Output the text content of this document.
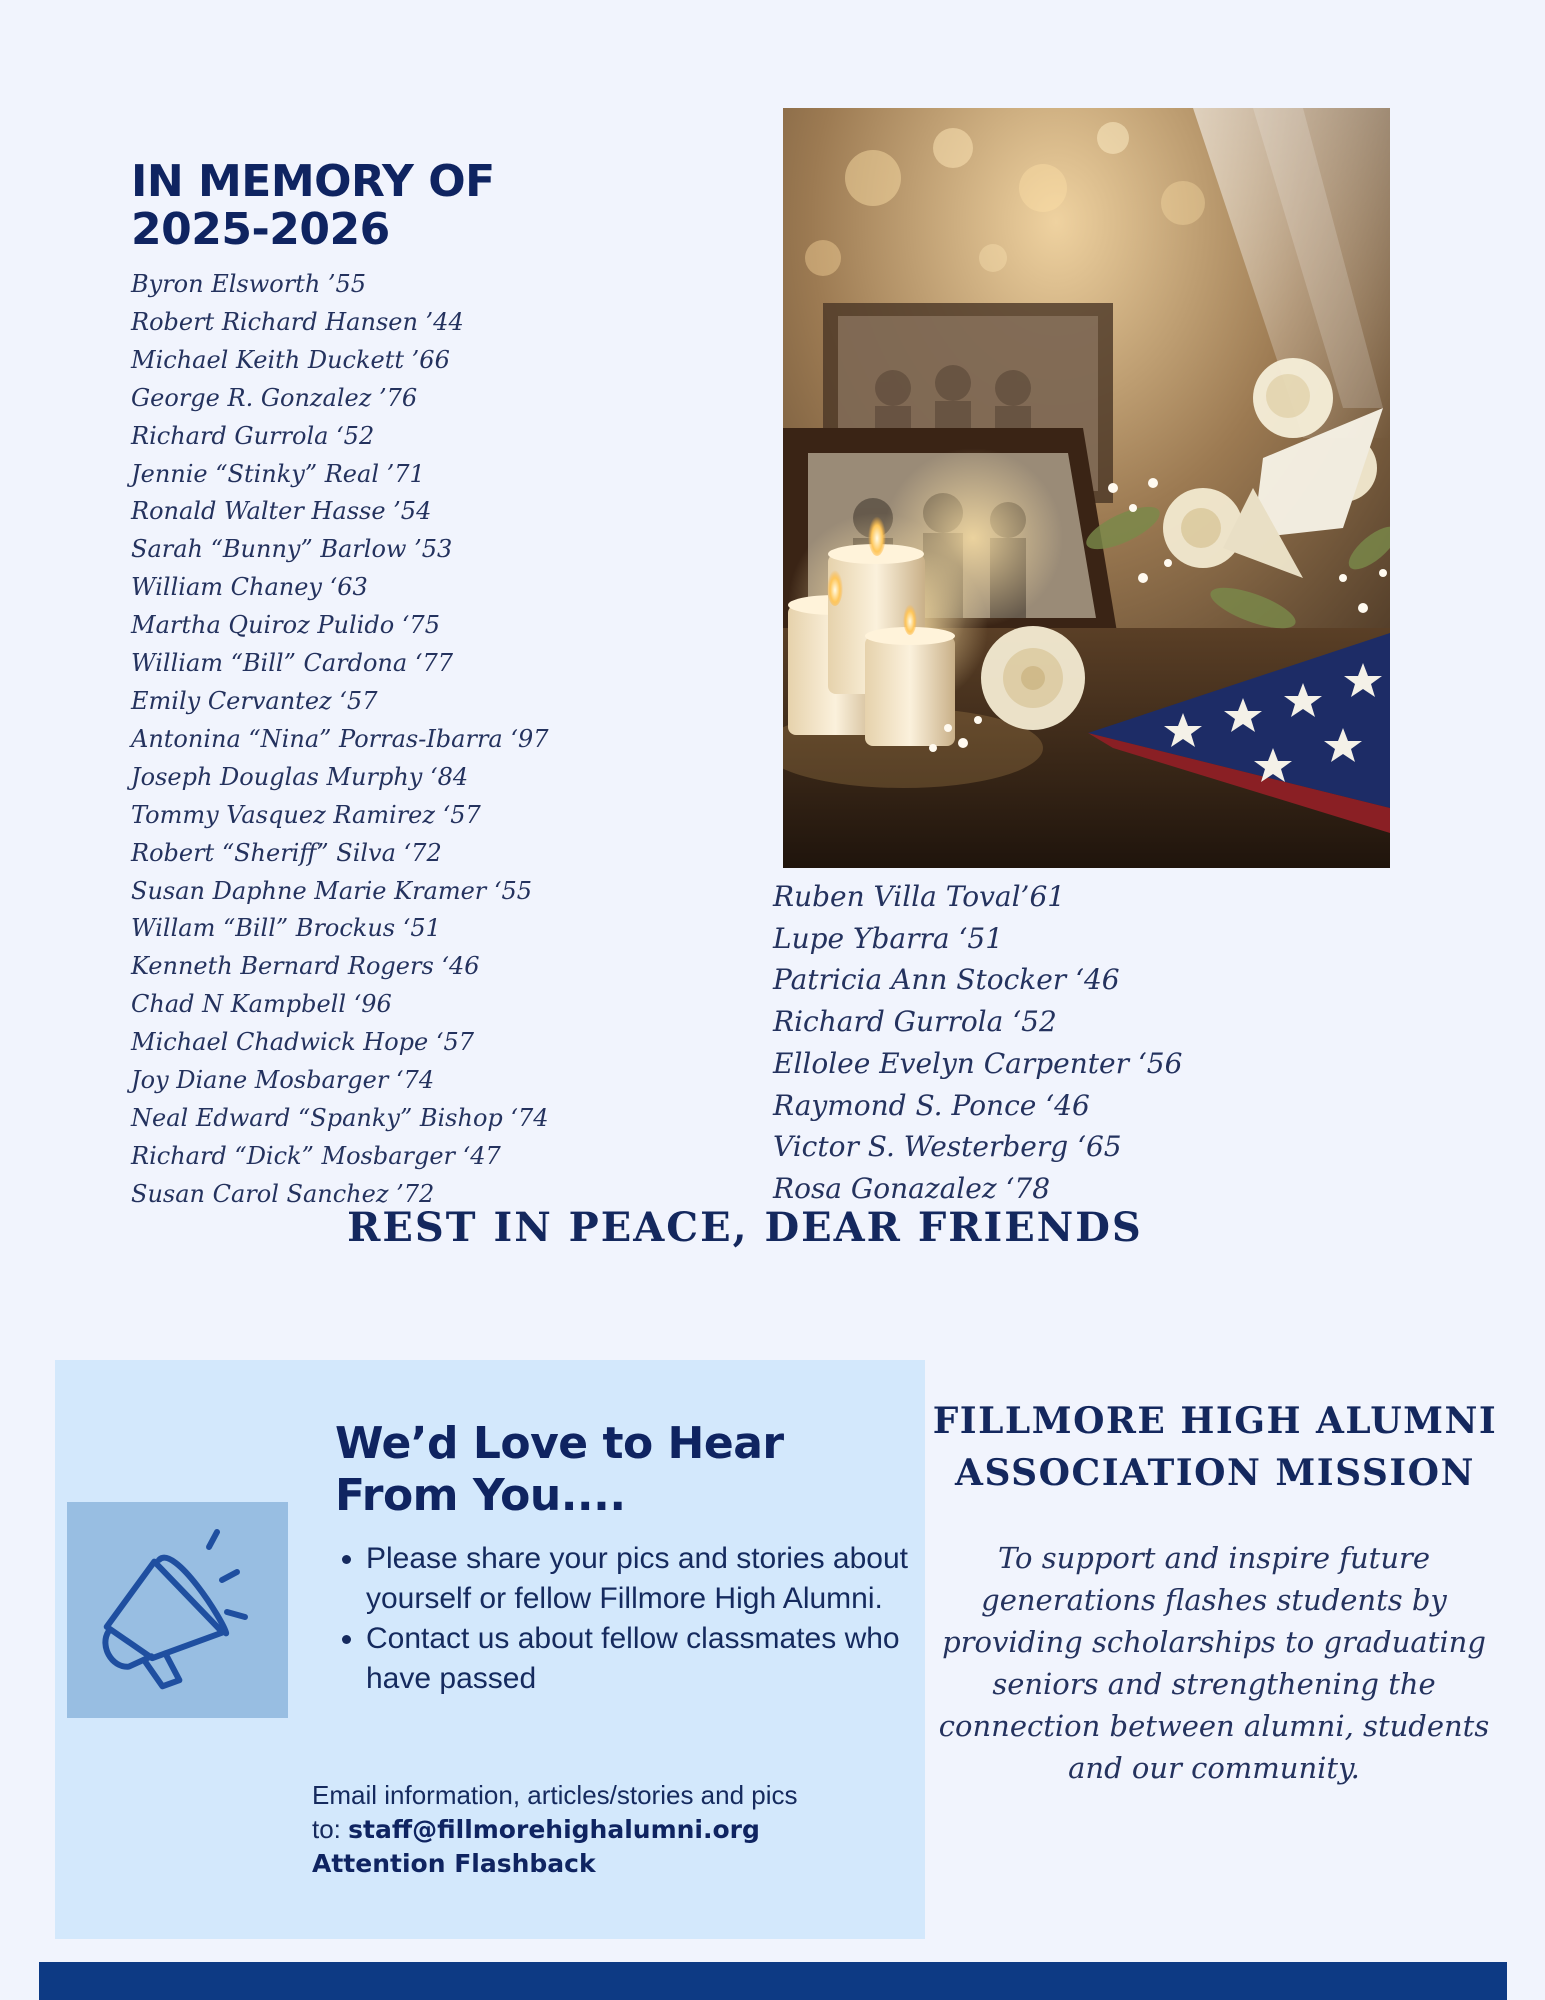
IN MEMORY OF
2025-2026
Byron Elsworth ’55
Robert Richard Hansen ’44
Michael Keith Duckett ’66
George R. Gonzalez ’76
Richard Gurrola ‘52
Jennie “Stinky” Real ’71
Ronald Walter Hasse ’54
Sarah “Bunny” Barlow ’53
William Chaney ‘63
Martha Quiroz Pulido ‘75
William “Bill” Cardona ‘77
Emily Cervantez ‘57
Antonina “Nina” Porras-Ibarra ‘97
Joseph Douglas Murphy ‘84
Tommy Vasquez Ramirez ‘57
Robert “Sheriff” Silva ‘72
Susan Daphne Marie Kramer ‘55
Willam “Bill” Brockus ‘51
Kenneth Bernard Rogers ‘46
Chad N Kampbell ‘96
Michael Chadwick Hope ‘57
Joy Diane Mosbarger ‘74
Neal Edward “Spanky” Bishop ‘74
Richard “Dick” Mosbarger ‘47
Susan Carol Sanchez ’72
Ruben Villa Toval’61
Lupe Ybarra ‘51
Patricia Ann Stocker ‘46
Richard Gurrola ‘52
Ellolee Evelyn Carpenter ‘56
Raymond S. Ponce ‘46
Victor S. Westerberg ‘65
Rosa Gonazalez ‘78
REST IN PEACE, DEAR FRIENDS
We’d Love to Hear
From You....
• Please share your pics and stories about yourself or fellow Fillmore High Alumni.
• Contact us about fellow classmates who have passed
Email information, articles/stories and pics
to: staff@fillmorehighalumni.org
Attention Flashback
FILLMORE HIGH ALUMNI
ASSOCIATION MISSION

To support and inspire future generations flashes students by providing scholarships to graduating seniors and strengthening the connection between alumni, students and our community.
